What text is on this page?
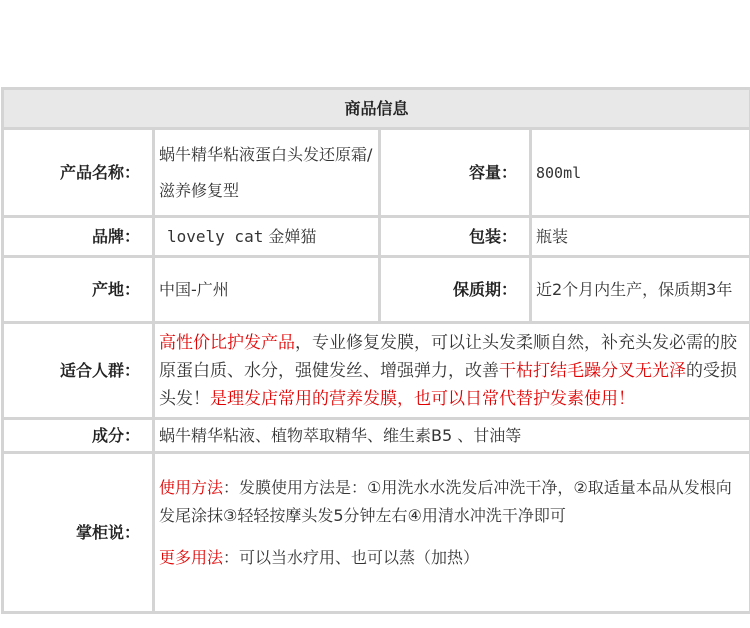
商品信息			
产品名称：	蜗牛精华粘液蛋白头发还原霜/滋养修复型	容量：	800ml
品牌：	lovely cat 金婵猫	包装：	瓶装
产地：	中国-广州	保质期：	近2个月内生产，保质期3年
适合人群：	高性价比护发产品，专业修复发膜，可以让头发柔顺自然，补充头发必需的胶原蛋白质、水分，强健发丝、增强弹力，改善干枯打结毛躁分叉无光泽的受损头发！是理发店常用的营养发膜，也可以日常代替护发素使用！		
成分：	蜗牛精华粘液、植物萃取精华、维生素B5 、甘油等		
掌柜说：	使用方法：发膜使用方法是：①用洗水水洗发后冲洗干净，②取适量本品从发根向发尾涂抹③轻轻按摩头发5分钟左右④用清水冲洗干净即可

更多用法：可以当水疗用、也可以蒸（加热）		
